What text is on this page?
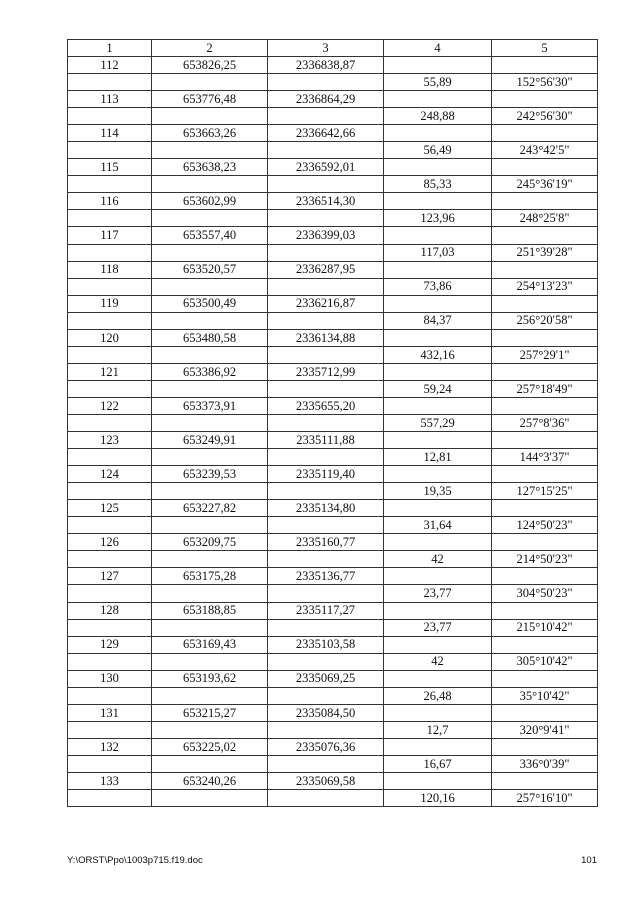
1	2	3	4	5
112	653826,25	2336838,87		
			55,89	152°56'30"
113	653776,48	2336864,29		
			248,88	242°56'30"
114	653663,26	2336642,66		
			56,49	243°42'5"
115	653638,23	2336592,01		
			85,33	245°36'19"
116	653602,99	2336514,30		
			123,96	248°25'8"
117	653557,40	2336399,03		
			117,03	251°39'28"
118	653520,57	2336287,95		
			73,86	254°13'23"
119	653500,49	2336216,87		
			84,37	256°20'58"
120	653480,58	2336134,88		
			432,16	257°29'1"
121	653386,92	2335712,99		
			59,24	257°18'49"
122	653373,91	2335655,20		
			557,29	257°8'36"
123	653249,91	2335111,88		
			12,81	144°3'37"
124	653239,53	2335119,40		
			19,35	127°15'25"
125	653227,82	2335134,80		
			31,64	124°50'23"
126	653209,75	2335160,77		
			42	214°50'23"
127	653175,28	2335136,77		
			23,77	304°50'23"
128	653188,85	2335117,27		
			23,77	215°10'42"
129	653169,43	2335103,58		
			42	305°10'42"
130	653193,62	2335069,25		
			26,48	35°10'42"
131	653215,27	2335084,50		
			12,7	320°9'41"
132	653225,02	2335076,36		
			16,67	336°0'39"
133	653240,26	2335069,58		
			120,16	257°16'10"
Y:\ORST\Ppo\1003p715.f19.doc	101
